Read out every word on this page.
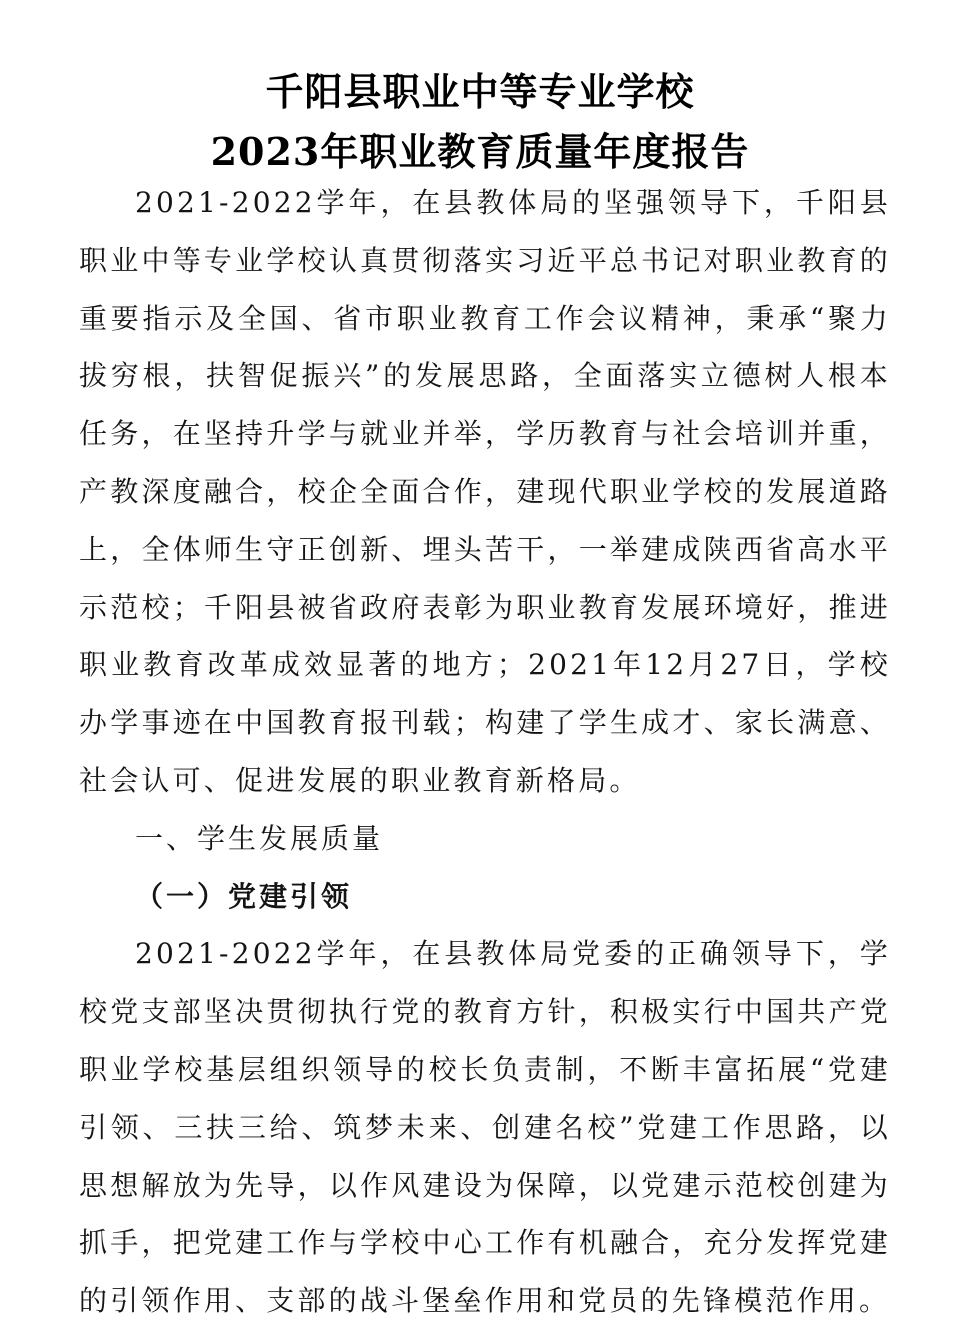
千阳县职业中等专业学校
2023年职业教育质量年度报告

2021-2022学年，在县教体局的坚强领导下，千阳县职业中等专业学校认真贯彻落实习近平总书记对职业教育的重要指示及全国、省市职业教育工作会议精神，秉承“聚力拔穷根，扶智促振兴”的发展思路，全面落实立德树人根本任务，在坚持升学与就业并举，学历教育与社会培训并重，产教深度融合，校企全面合作，建现代职业学校的发展道路上，全体师生守正创新、埋头苦干，一举建成陕西省高水平示范校；千阳县被省政府表彰为职业教育发展环境好，推进职业教育改革成效显著的地方；2021年12月27日，学校办学事迹在中国教育报刊载；构建了学生成才、家长满意、社会认可、促进发展的职业教育新格局。

一、学生发展质量

（一）党建引领

2021-2022学年，在县教体局党委的正确领导下，学校党支部坚决贯彻执行党的教育方针，积极实行中国共产党职业学校基层组织领导的校长负责制，不断丰富拓展“党建引领、三扶三给、筑梦未来、创建名校”党建工作思路，以思想解放为先导，以作风建设为保障，以党建示范校创建为抓手，把党建工作与学校中心工作有机融合，充分发挥党建的引领作用、支部的战斗堡垒作用和党员的先锋模范作用。
